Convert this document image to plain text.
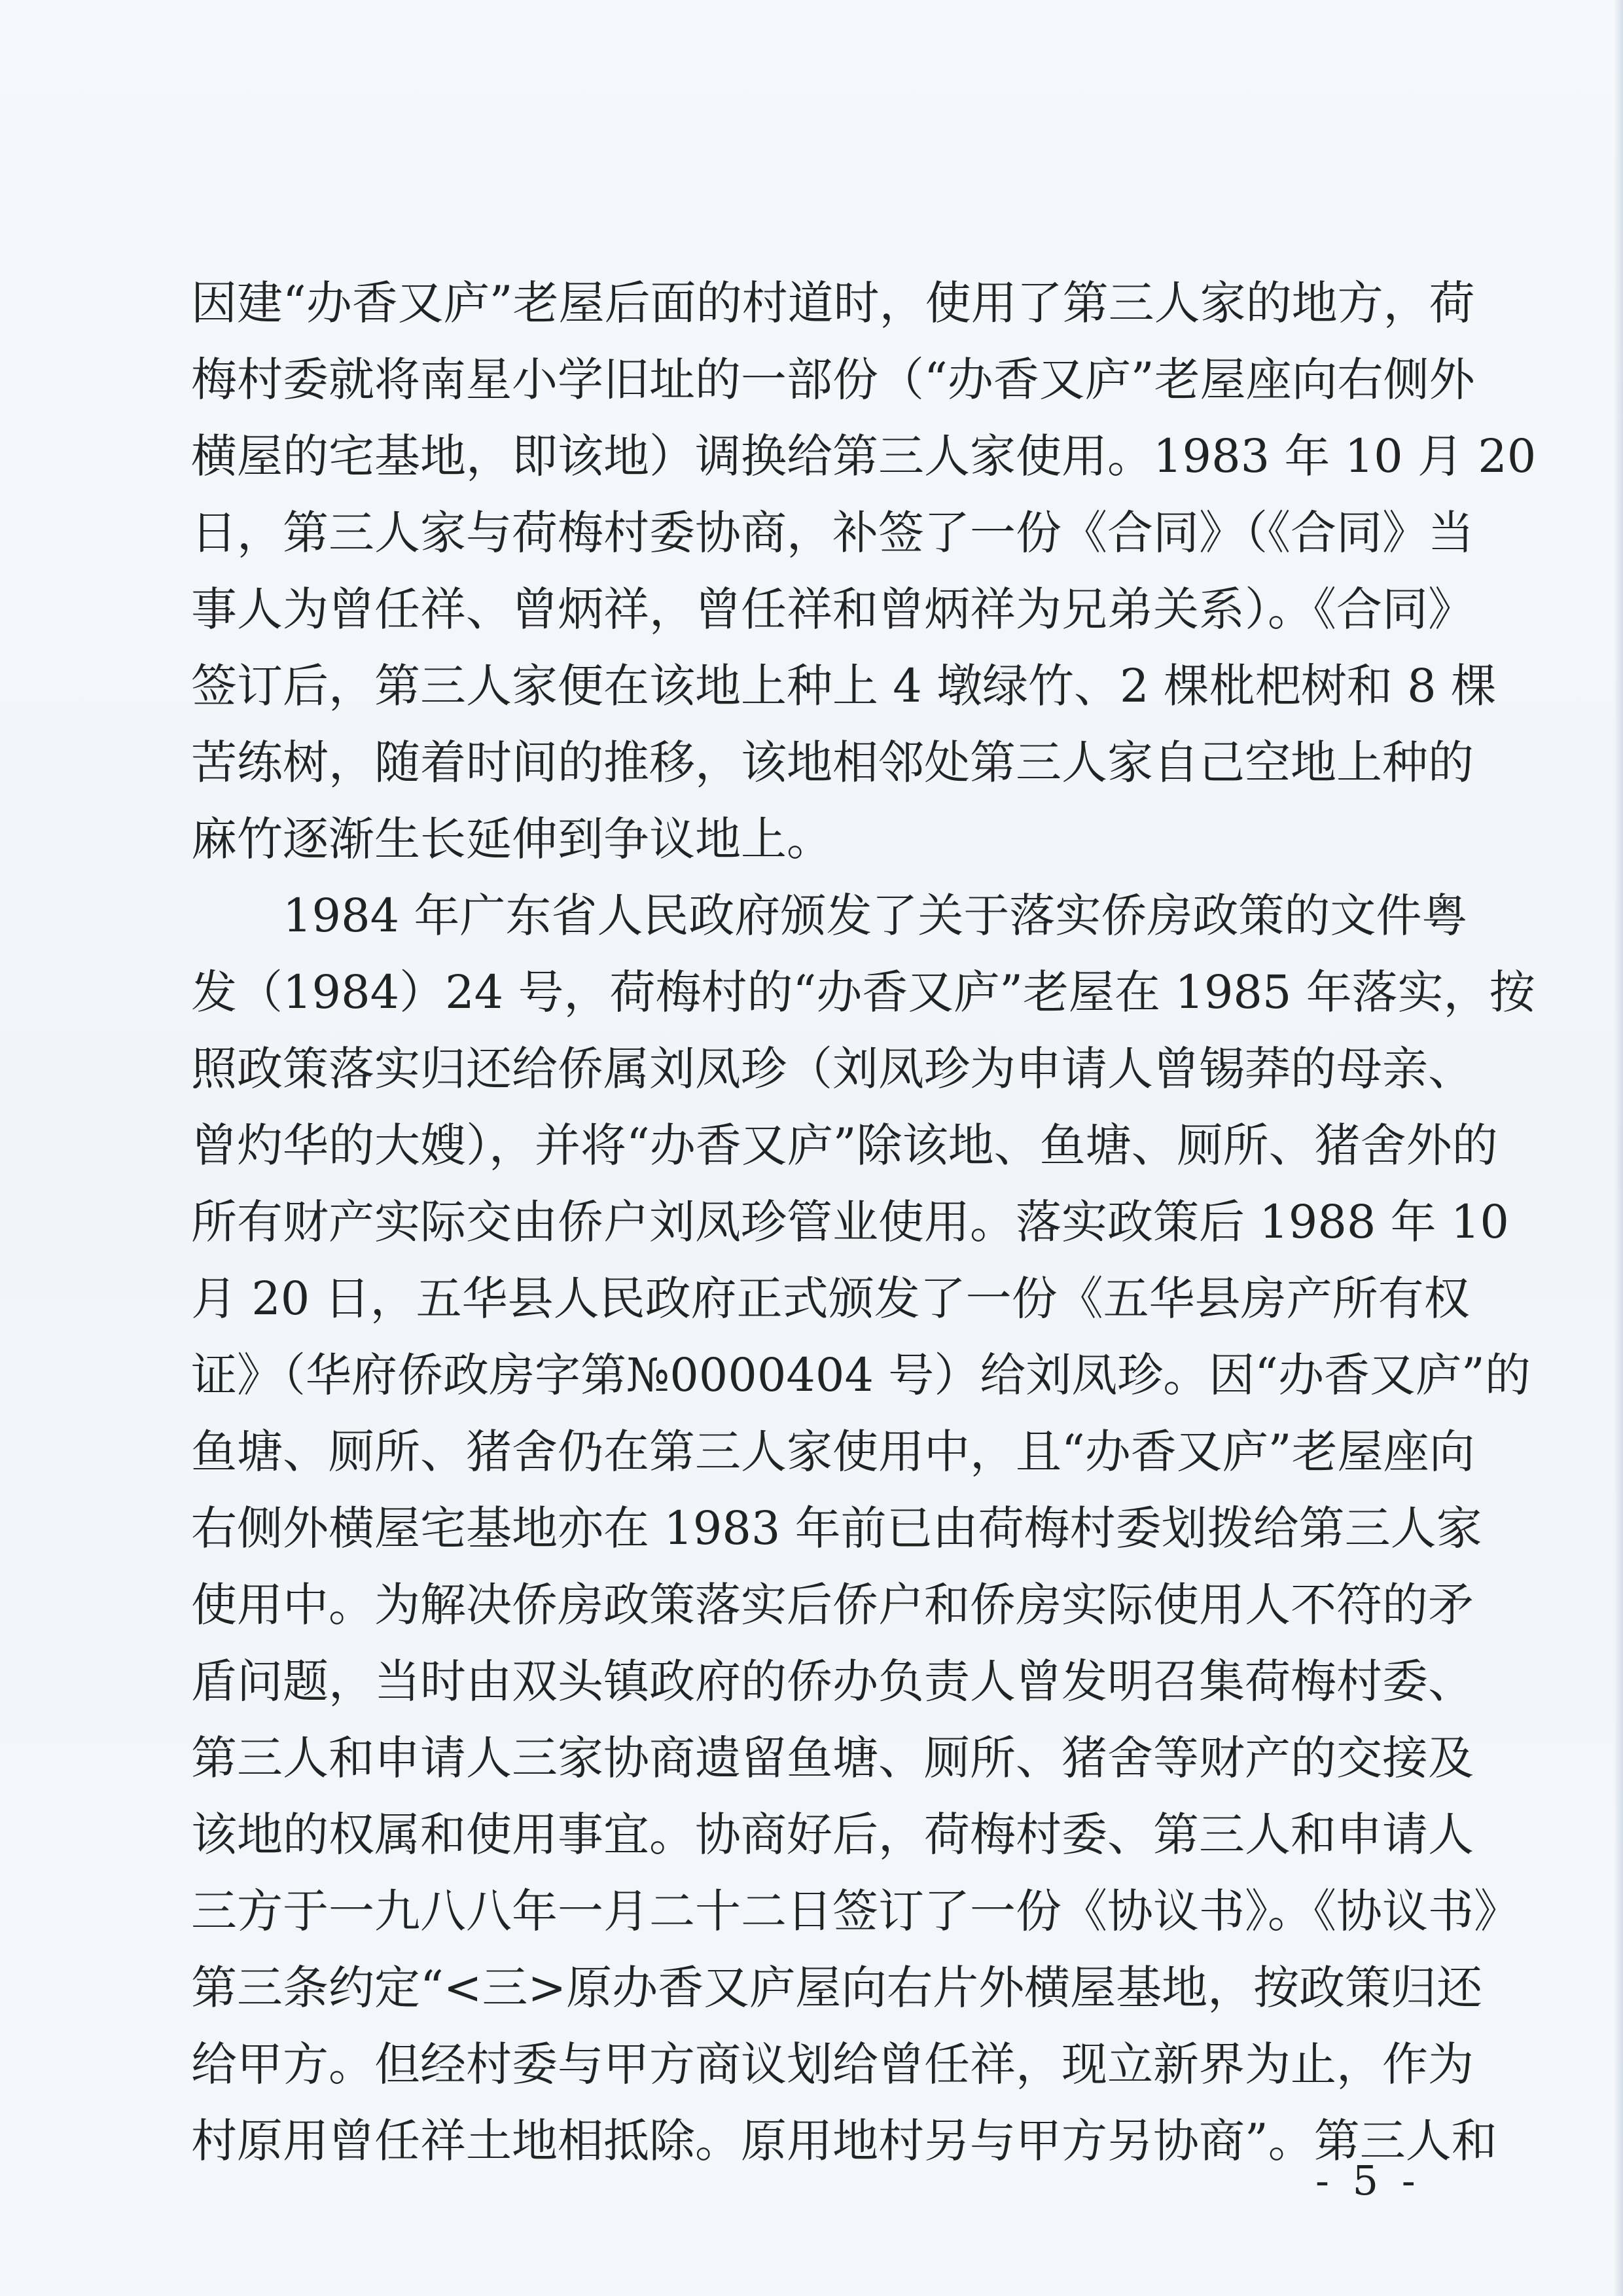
因建“办香又庐”老屋后面的村道时，使用了第三人家的地方，荷
梅村委就将南星小学旧址的一部份（“办香又庐”老屋座向右侧外
横屋的宅基地，即该地）调换给第三人家使用。1983 年 10 月 20
日，第三人家与荷梅村委协商，补签了一份《合同》（《合同》当
事人为曾任祥、曾炳祥，曾任祥和曾炳祥为兄弟关系）。《合同》
签订后，第三人家便在该地上种上 4 墩绿竹、2 棵枇杷树和 8 棵
苦练树，随着时间的推移，该地相邻处第三人家自己空地上种的
麻竹逐渐生长延伸到争议地上。
1984 年广东省人民政府颁发了关于落实侨房政策的文件粤
发（1984）24 号，荷梅村的“办香又庐”老屋在 1985 年落实，按
照政策落实归还给侨属刘凤珍（刘凤珍为申请人曾锡莽的母亲、
曾灼华的大嫂），并将“办香又庐”除该地、鱼塘、厕所、猪舍外的
所有财产实际交由侨户刘凤珍管业使用。落实政策后 1988 年 10
月 20 日，五华县人民政府正式颁发了一份《五华县房产所有权
证》（华府侨政房字第№0000404 号）给刘凤珍。因“办香又庐”的
鱼塘、厕所、猪舍仍在第三人家使用中，且“办香又庐”老屋座向
右侧外横屋宅基地亦在 1983 年前已由荷梅村委划拨给第三人家
使用中。为解决侨房政策落实后侨户和侨房实际使用人不符的矛
盾问题，当时由双头镇政府的侨办负责人曾发明召集荷梅村委、
第三人和申请人三家协商遗留鱼塘、厕所、猪舍等财产的交接及
该地的权属和使用事宜。协商好后，荷梅村委、第三人和申请人
三方于一九八八年一月二十二日签订了一份《协议书》。《协议书》
第三条约定“<三>原办香又庐屋向右片外横屋基地，按政策归还
给甲方。但经村委与甲方商议划给曾任祥，现立新界为止，作为
村原用曾任祥土地相抵除。原用地村另与甲方另协商”。第三人和
- 5 -
